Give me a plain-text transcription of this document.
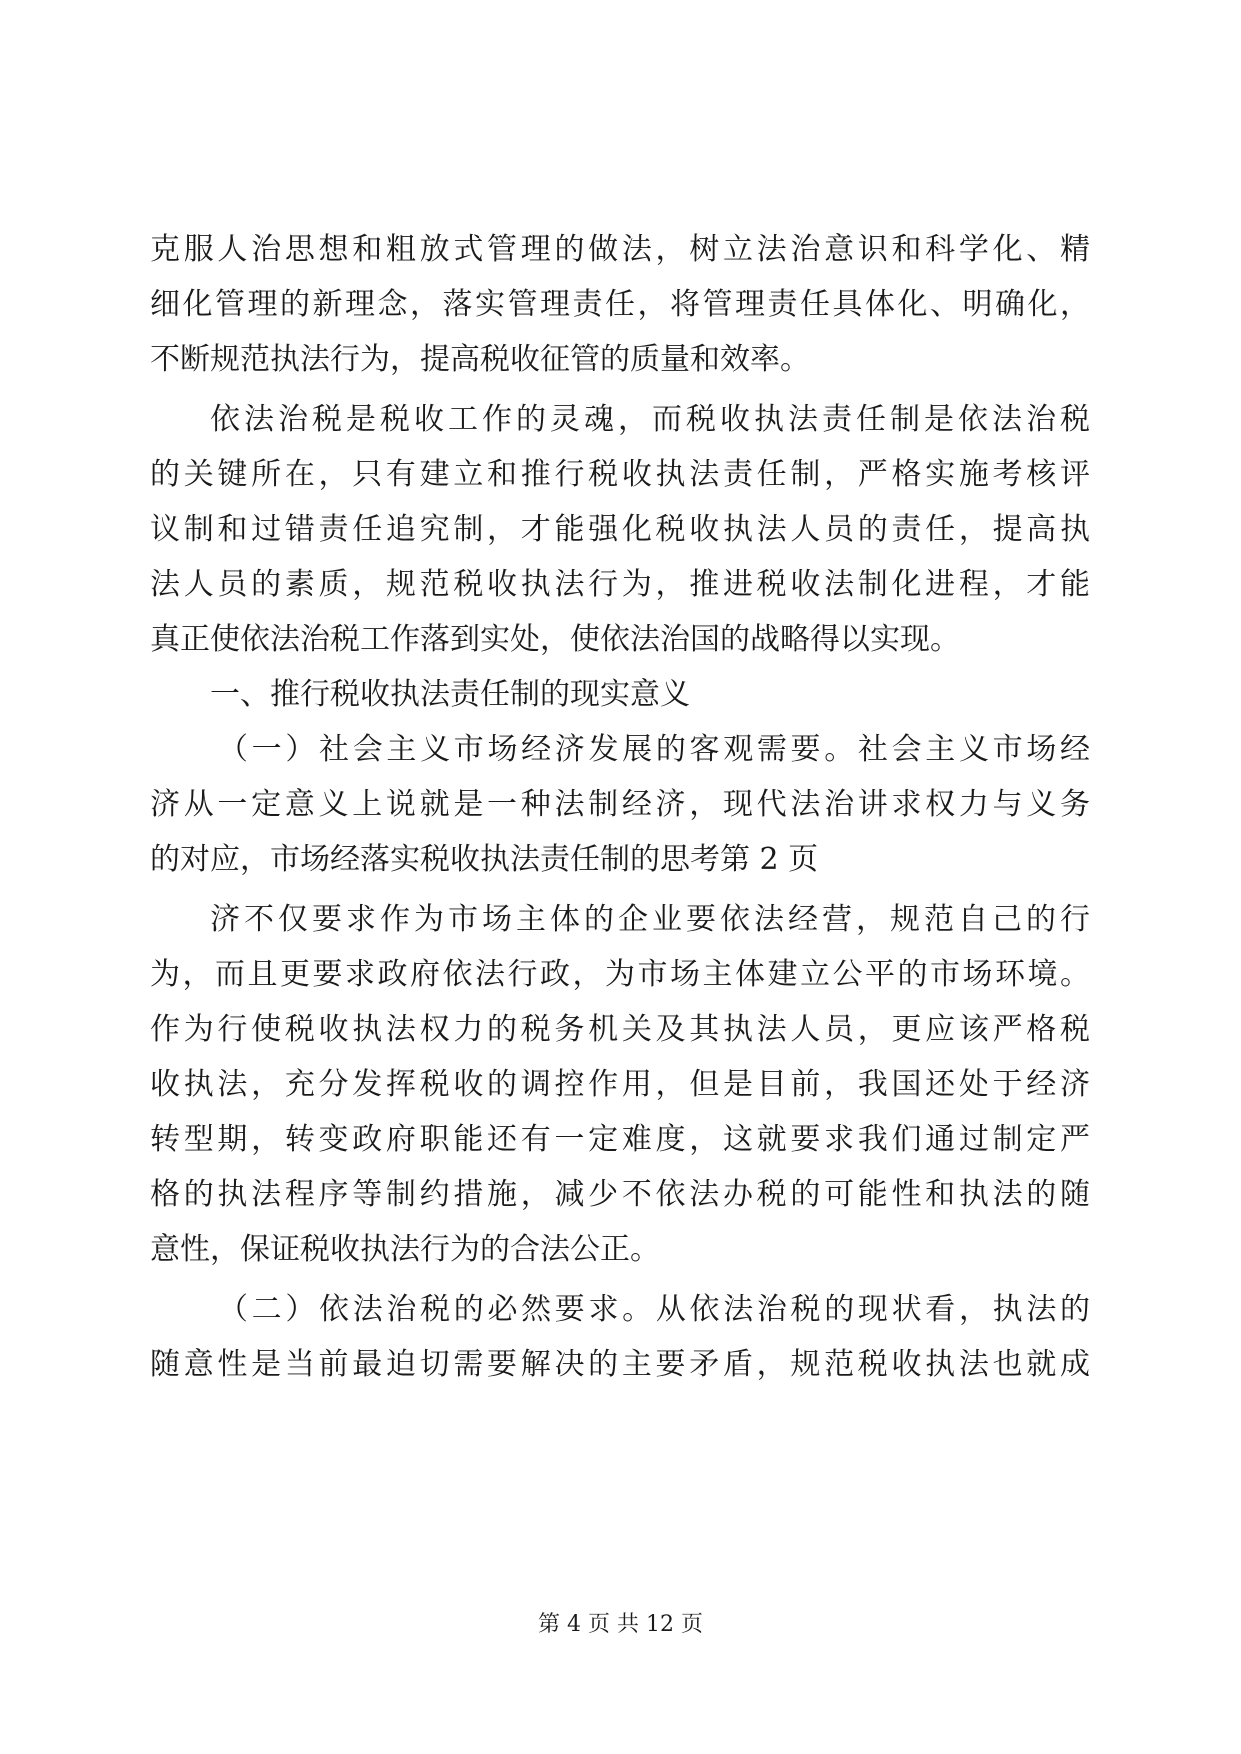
克服人治思想和粗放式管理的做法，树立法治意识和科学化、精
细化管理的新理念，落实管理责任，将管理责任具体化、明确化，
不断规范执法行为，提高税收征管的质量和效率。
依法治税是税收工作的灵魂，而税收执法责任制是依法治税
的关键所在，只有建立和推行税收执法责任制，严格实施考核评
议制和过错责任追究制，才能强化税收执法人员的责任，提高执
法人员的素质，规范税收执法行为，推进税收法制化进程，才能
真正使依法治税工作落到实处，使依法治国的战略得以实现。
一、推行税收执法责任制的现实意义
（一）社会主义市场经济发展的客观需要。社会主义市场经
济从一定意义上说就是一种法制经济，现代法治讲求权力与义务
的对应，市场经落实税收执法责任制的思考第 2 页
济不仅要求作为市场主体的企业要依法经营，规范自己的行
为，而且更要求政府依法行政，为市场主体建立公平的市场环境。
作为行使税收执法权力的税务机关及其执法人员，更应该严格税
收执法，充分发挥税收的调控作用，但是目前，我国还处于经济
转型期，转变政府职能还有一定难度，这就要求我们通过制定严
格的执法程序等制约措施，减少不依法办税的可能性和执法的随
意性，保证税收执法行为的合法公正。
（二）依法治税的必然要求。从依法治税的现状看，执法的
随意性是当前最迫切需要解决的主要矛盾，规范税收执法也就成
第 4 页 共 12 页
